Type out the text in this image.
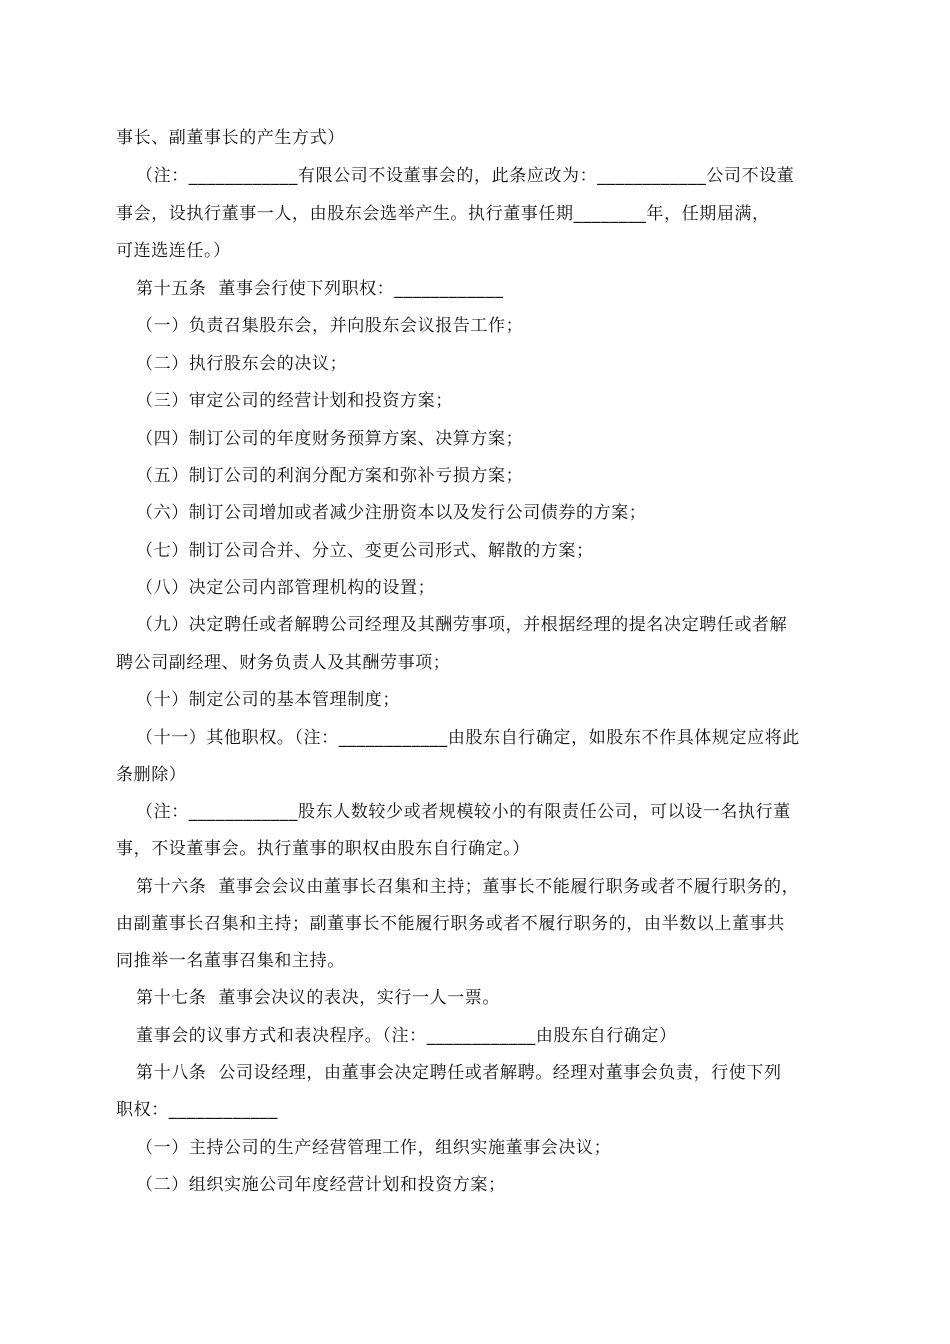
事长、副董事长的产生方式）
（注：____________有限公司不设董事会的，此条应改为：____________公司不设董
事会，设执行董事一人，由股东会选举产生。执行董事任期________年，任期届满，
可连选连任。）
第十五条  董事会行使下列职权：____________
（一）负责召集股东会，并向股东会议报告工作；
（二）执行股东会的决议；
（三）审定公司的经营计划和投资方案；
（四）制订公司的年度财务预算方案、决算方案；
（五）制订公司的利润分配方案和弥补亏损方案；
（六）制订公司增加或者减少注册资本以及发行公司债券的方案；
（七）制订公司合并、分立、变更公司形式、解散的方案；
（八）决定公司内部管理机构的设置；
（九）决定聘任或者解聘公司经理及其酬劳事项，并根据经理的提名决定聘任或者解
聘公司副经理、财务负责人及其酬劳事项；
（十）制定公司的基本管理制度；
（十一）其他职权。（注：____________由股东自行确定，如股东不作具体规定应将此
条删除）
（注：____________股东人数较少或者规模较小的有限责任公司，可以设一名执行董
事，不设董事会。执行董事的职权由股东自行确定。）
第十六条  董事会会议由董事长召集和主持；董事长不能履行职务或者不履行职务的，
由副董事长召集和主持；副董事长不能履行职务或者不履行职务的，由半数以上董事共
同推举一名董事召集和主持。
第十七条  董事会决议的表决，实行一人一票。
董事会的议事方式和表决程序。（注：____________由股东自行确定）
第十八条  公司设经理，由董事会决定聘任或者解聘。经理对董事会负责，行使下列
职权：____________
（一）主持公司的生产经营管理工作，组织实施董事会决议；
（二）组织实施公司年度经营计划和投资方案；
